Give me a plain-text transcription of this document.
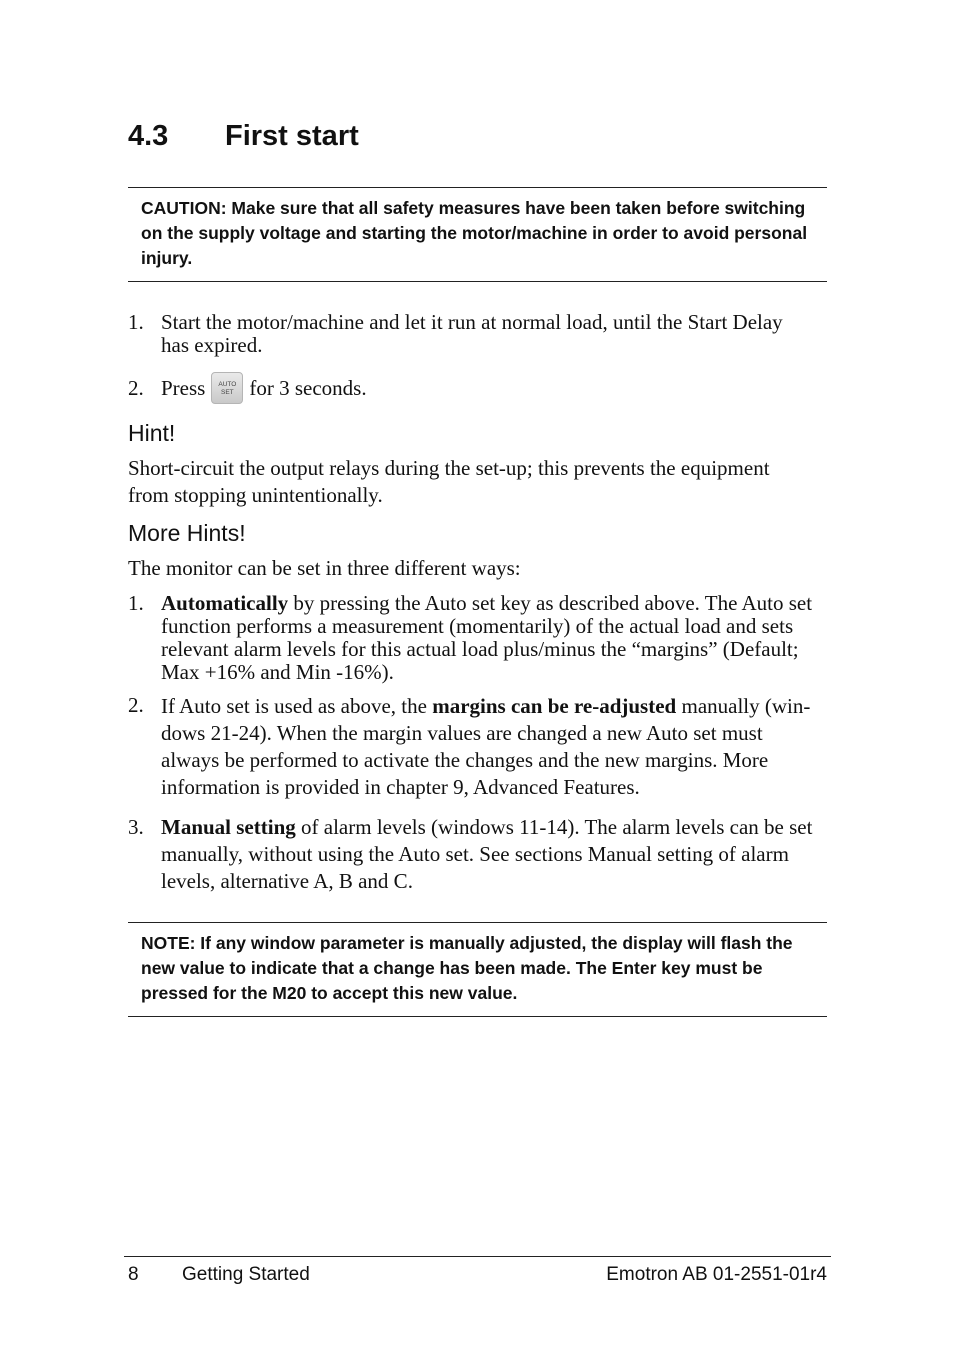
4.3 First start

CAUTION: Make sure that all safety measures have been taken before switching on the supply voltage and starting the motor/machine in order to avoid personal injury.

1. Start the motor/machine and let it run at normal load, until the Start Delay
has expired.
2. Press AUTO
SET for 3 seconds.
Hint!
Short-circuit the output relays during the set-up; this prevents the equipment
from stopping unintentionally.
More Hints!
The monitor can be set in three different ways:
1. Automatically by pressing the Auto set key as described above. The Auto set
function performs a measurement (momentarily) of the actual load and sets
relevant alarm levels for this actual load plus/minus the “margins” (Default;
Max +16% and Min -16%).
2. If Auto set is used as above, the margins can be re-adjusted manually (win-
dows 21-24). When the margin values are changed a new Auto set must
always be performed to activate the changes and the new margins. More
information is provided in chapter 9, Advanced Features.
3. Manual setting of alarm levels (windows 11-14). The alarm levels can be set
manually, without using the Auto set. See sections Manual setting of alarm
levels, alternative A, B and C.

NOTE: If any window parameter is manually adjusted, the display will flash the new value to indicate that a change has been made. The Enter key must be pressed for the M20 to accept this new value.

8 Getting Started	Emotron AB 01-2551-01r4
